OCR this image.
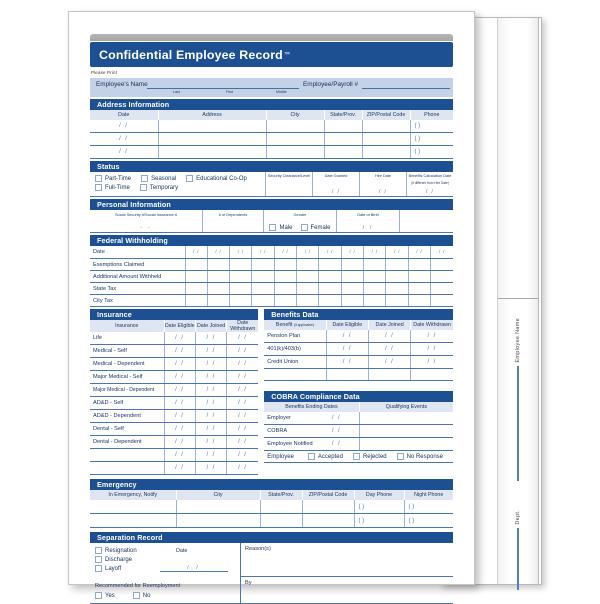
Employee Name
Dept.
Confidential Employee Record ™
Please Print
Employee's Name
Last	First	Middle
Employee/Payroll #
Address Information
Date	Address	City	State/Prov.	ZIP/Postal Code	Phone
/ /					( )
/ /					( )
/ /					( )
Status
Part-Time	Seasonal	Educational Co-Op
Full-Time	Temporary
Security Clearance/Level	Date Granted
/ /
Hire Date
/ /
Benefits Calculation Date
(if different from Hire Date)
/ /
Personal Information
Social Security #/Social Insurance #
- -
# of Dependents	Gender
Male	Female
Date of Birth
/ /
Federal Withholding
Date	/ /	/ /	/ /	/ /	/ /	/ /	/ /	/ /	/ /	/ /	/ /	/ /
Exemptions Claimed												
Additional Amount Withheld												
State Tax												
City Tax												
Insurance
Insurance	Date Eligible	Date Joined	Date Withdrawn
Life	/ /	/ /	/ /
Medical - Self	/ /	/ /	/ /
Medical - Dependent	/ /	/ /	/ /
Major Medical - Self	/ /	/ /	/ /
Major Medical - Dependent	/ /	/ /	/ /
AD&D - Self	/ /	/ /	/ /
AD&D - Dependent	/ /	/ /	/ /
Dental - Self	/ /	/ /	/ /
Dental - Dependent	/ /	/ /	/ /
	/ /	/ /	/ /
	/ /	/ /	/ /
Benefits Data
Benefit (if applicable)	Date Eligible	Date Joined	Date Withdrawn
Pension Plan	/ /	/ /	/ /
401(k)/403(b)	/ /	/ /	/ /
Credit Union	/ /	/ /	/ /

COBRA Compliance Data
Benefits Ending Dates		Qualifying Events
Employer	/ /	
COBRA	/ /	
Employee Notified	/ /	
Employee	Accepted	Rejected	No Response
Emergency
In Emergency, Notify	City	State/Prov.	ZIP/Postal Code	Day Phone	Night Phone
				( )	( )
				( )	( )
Separation Record
Resignation
Discharge
Layoff
Date
/ /
Recommended for Reemployment
Yes	No
Reason(s)
By
